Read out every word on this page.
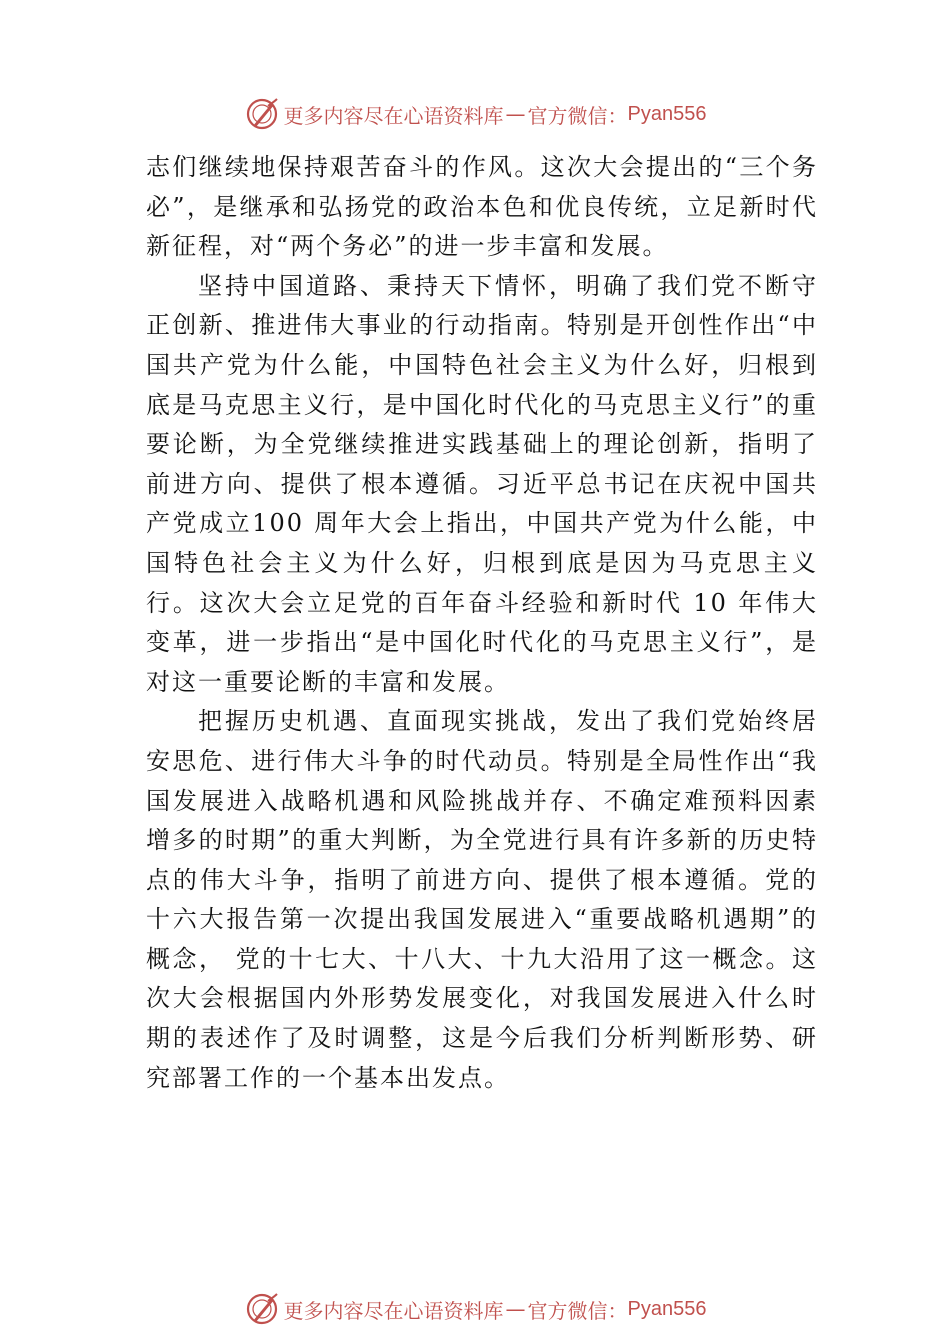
更多内容尽在心语资料库 — 官方微信： Pyan556

志们继续地保持艰苦奋斗的作风。这次大会提出的“三个务必”，是继承和弘扬党的政治本色和优良传统，立足新时代新征程，对“两个务必”的进一步丰富和发展。

坚持中国道路、秉持天下情怀，明确了我们党不断守正创新、推进伟大事业的行动指南。特别是开创性作出“中国共产党为什么能，中国特色社会主义为什么好，归根到底是马克思主义行，是中国化时代化的马克思主义行”的重要论断，为全党继续推进实践基础上的理论创新，指明了前进方向、提供了根本遵循。习近平总书记在庆祝中国共产党成立100 周年大会上指出，中国共产党为什么能，中国特色社会主义为什么好，归根到底是因为马克思主义行。这次大会立足党的百年奋斗经验和新时代 10 年伟大变革，进一步指出“是中国化时代化的马克思主义行”，是对这一重要论断的丰富和发展。

把握历史机遇、直面现实挑战，发出了我们党始终居安思危、进行伟大斗争的时代动员。特别是全局性作出“我国发展进入战略机遇和风险挑战并存、不确定难预料因素增多的时期”的重大判断，为全党进行具有许多新的历史特点的伟大斗争，指明了前进方向、提供了根本遵循。党的十六大报告第一次提出我国发展进入“重要战略机遇期”的概念， 党的十七大、十八大、十九大沿用了这一概念。这次大会根据国内外形势发展变化，对我国发展进入什么时期的表述作了及时调整，这是今后我们分析判断形势、研究部署工作的一个基本出发点。

更多内容尽在心语资料库 — 官方微信： Pyan556
